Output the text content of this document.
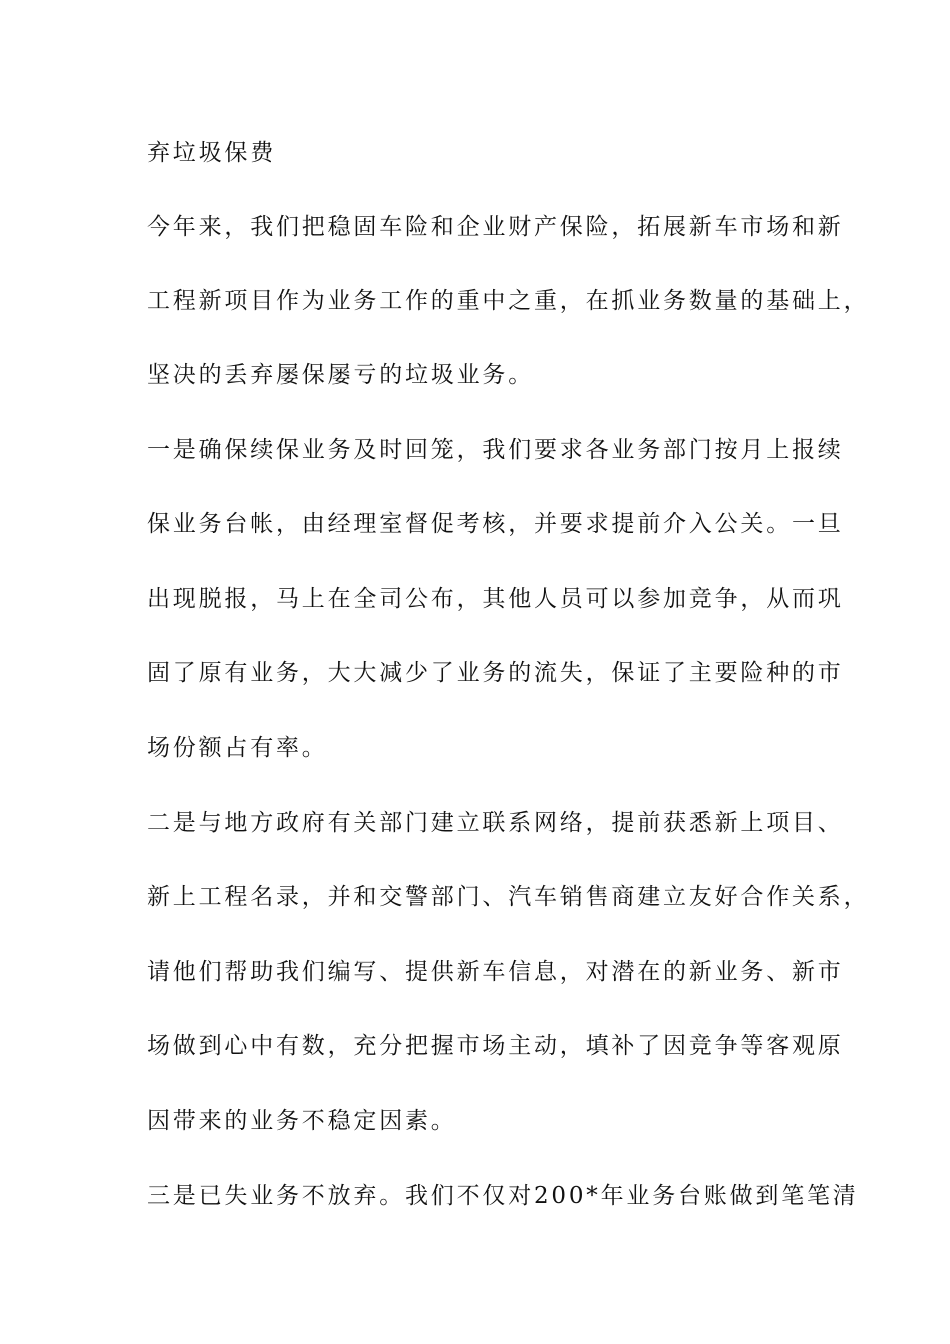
弃垃圾保费
今年来，我们把稳固车险和企业财产保险，拓展新车市场和新
工程新项目作为业务工作的重中之重，在抓业务数量的基础上，
坚决的丢弃屡保屡亏的垃圾业务。
一是确保续保业务及时回笼，我们要求各业务部门按月上报续
保业务台帐，由经理室督促考核，并要求提前介入公关。一旦
出现脱报，马上在全司公布，其他人员可以参加竞争，从而巩
固了原有业务，大大减少了业务的流失，保证了主要险种的市
场份额占有率。
二是与地方政府有关部门建立联系网络，提前获悉新上项目、
新上工程名录，并和交警部门、汽车销售商建立友好合作关系，
请他们帮助我们编写、提供新车信息，对潜在的新业务、新市
场做到心中有数，充分把握市场主动，填补了因竞争等客观原
因带来的业务不稳定因素。
三是已失业务不放弃。我们不仅对200*年业务台账做到笔笔清
